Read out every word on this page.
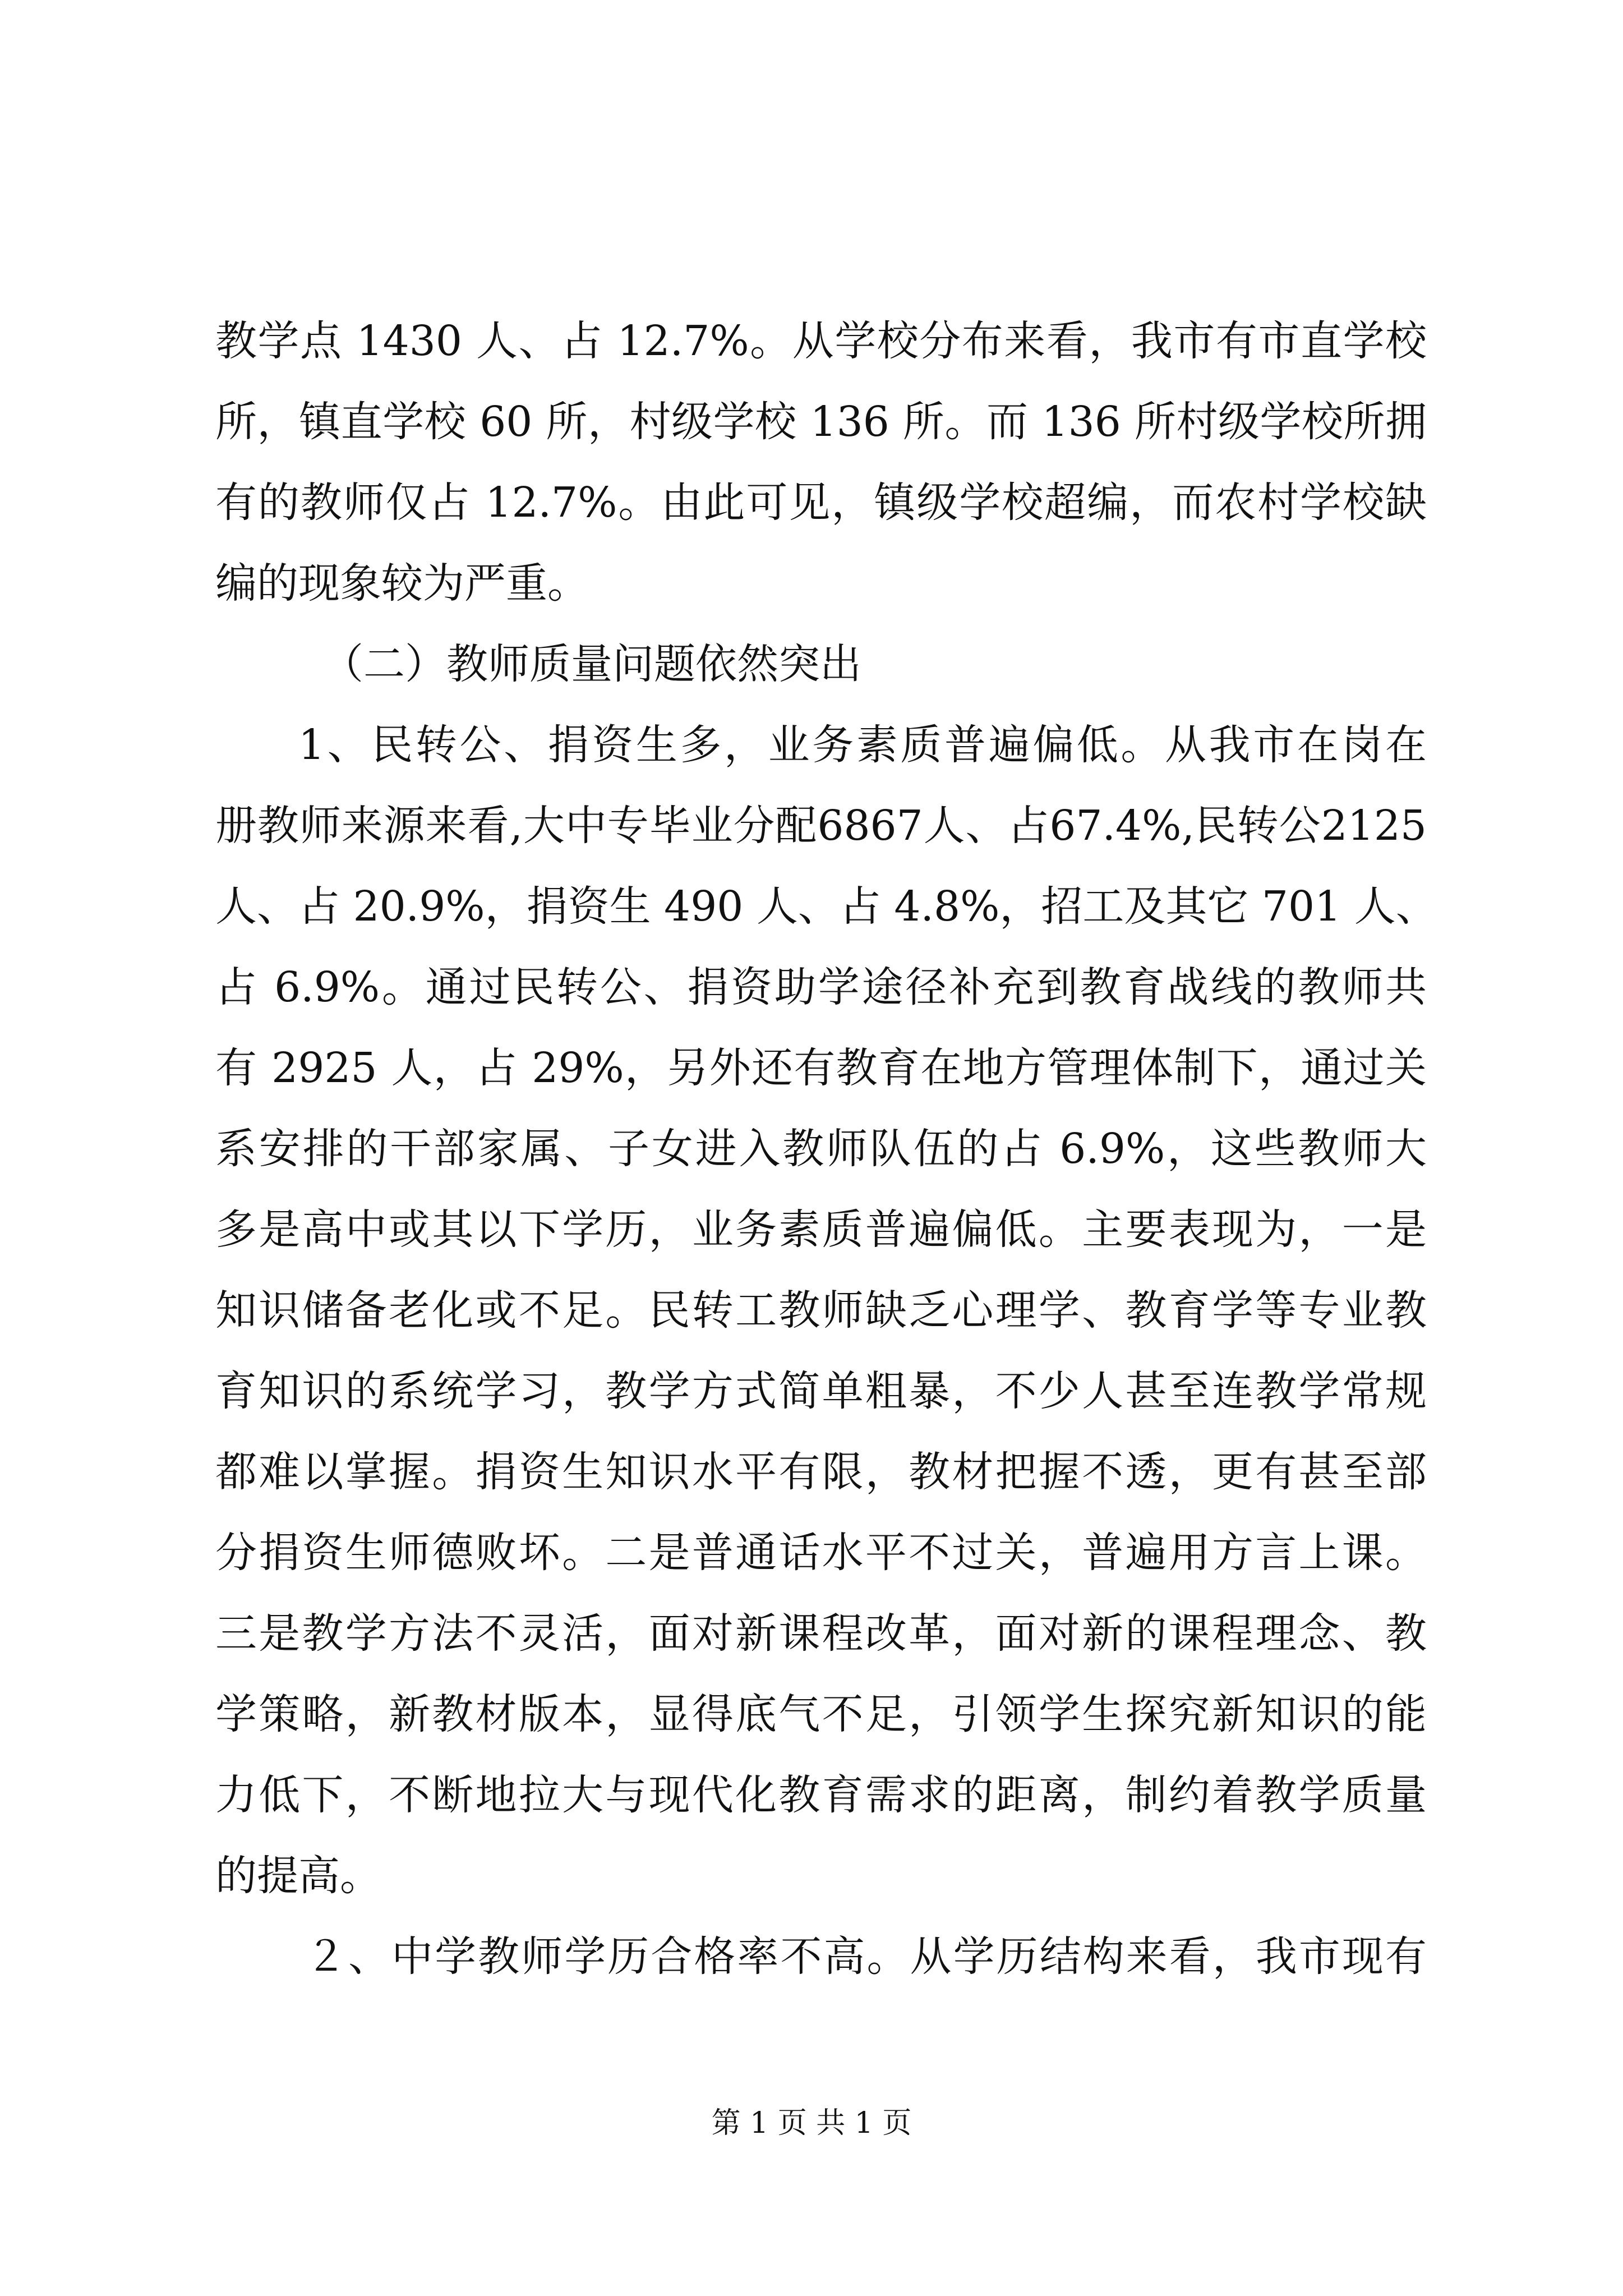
教学点 1430 人、占 12.7%。从学校分布来看，我市有市直学校
所，镇直学校 60 所，村级学校 136 所。而 136 所村级学校所拥
有的教师仅占 12.7%。由此可见，镇级学校超编，而农村学校缺
编的现象较为严重。
（二）教师质量问题依然突出
1、民转公、捐资生多，业务素质普遍偏低。从我市在岗在
册教师来源来看,大中专毕业分配6867人、占67.4%,民转公2125
人、占 20.9%，捐资生 490 人、占 4.8%，招工及其它 701 人、
占 6.9%。通过民转公、捐资助学途径补充到教育战线的教师共
有 2925 人，占 29%，另外还有教育在地方管理体制下，通过关
系安排的干部家属、子女进入教师队伍的占 6.9%，这些教师大
多是高中或其以下学历，业务素质普遍偏低。主要表现为，一是
知识储备老化或不足。民转工教师缺乏心理学、教育学等专业教
育知识的系统学习，教学方式简单粗暴，不少人甚至连教学常规
都难以掌握。捐资生知识水平有限，教材把握不透，更有甚至部
分捐资生师德败坏。二是普通话水平不过关，普遍用方言上课。
三是教学方法不灵活，面对新课程改革，面对新的课程理念、教
学策略，新教材版本，显得底气不足，引领学生探究新知识的能
力低下，不断地拉大与现代化教育需求的距离，制约着教学质量
的提高。
２、中学教师学历合格率不高。从学历结构来看，我市现有
第 1 页 共 1 页
